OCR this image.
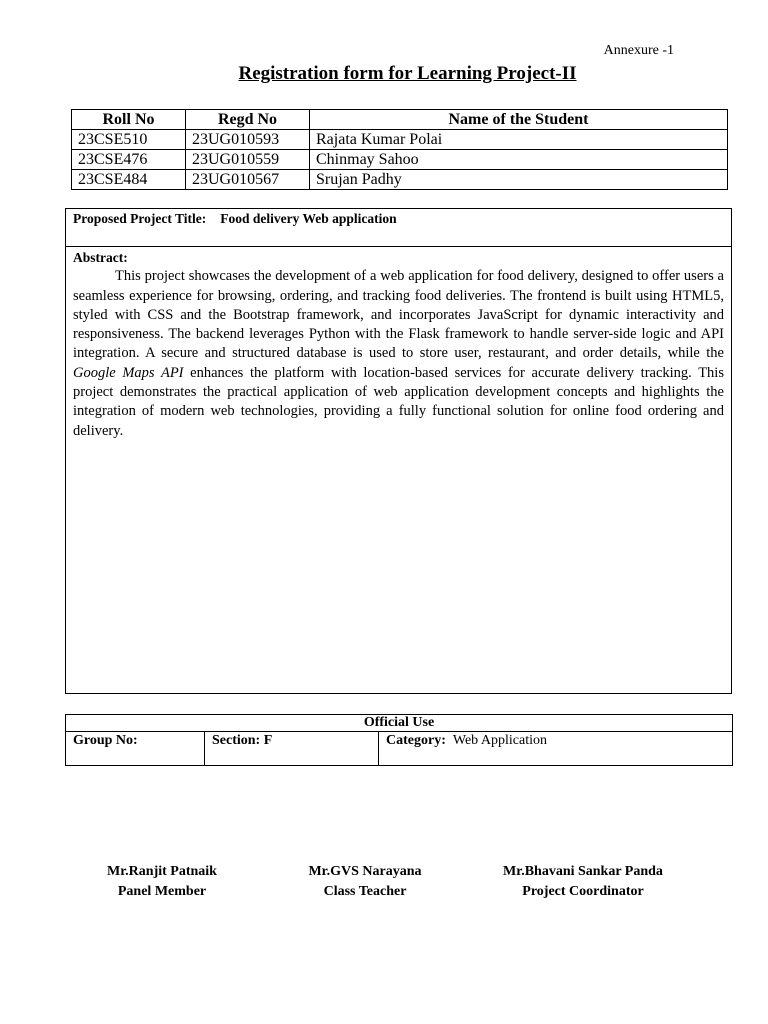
Annexure -1
Registration form for Learning Project-II
Roll No	Regd No	Name of the Student
23CSE510	23UG010593	Rajata Kumar Polai
23CSE476	23UG010559	Chinmay Sahoo
23CSE484	23UG010567	Srujan Padhy
Proposed Project Title: Food delivery Web application
Abstract:

This project showcases the development of a web application for food delivery, designed to offer users a seamless experience for browsing, ordering, and tracking food deliveries. The frontend is built using HTML5, styled with CSS and the Bootstrap framework, and incorporates JavaScript for dynamic interactivity and responsiveness. The backend leverages Python with the Flask framework to handle server-side logic and API integration. A secure and structured database is used to store user, restaurant, and order details, while the Google Maps API enhances the platform with location-based services for accurate delivery tracking. This project demonstrates the practical application of web application development concepts and highlights the integration of modern web technologies, providing a fully functional solution for online food ordering and delivery.

Official Use
Group No:	Section: F	Category: Web Application
Mr.Ranjit Patnaik
Panel Member
Mr.GVS Narayana
Class Teacher
Mr.Bhavani Sankar Panda
Project Coordinator
